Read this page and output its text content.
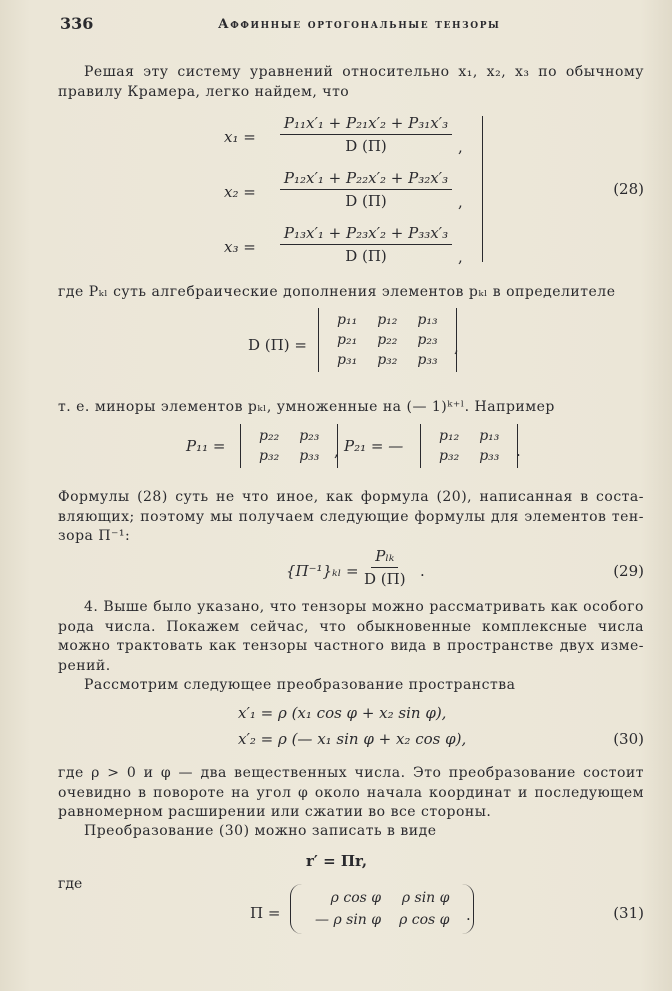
336	Аффинные ортогональные тензоры
Решая эту систему уравнений относительно x₁, x₂, x₃ по обычному
правилу Крамера, легко найдем, что
$x_1 = \frac{\text{P₁₁x′₁ + P₂₁x′₂ + P₃₁x′₃}}{D (\Pi)}$ ,
$x_2 = \frac{\text{P₁₂x′₁ + P₂₂x′₂ + P₃₂x′₃}}{D (\Pi)}$ ,
$x_3 = \frac{\text{P₁₃x′₁ + P₂₃x′₂ + P₃₃x′₃}}{D (\Pi)}$ ,
(28)
где Pₖₗ суть алгебраические дополнения элементов pₖₗ в определителе
D (Π) =
p₁₁	p₁₂	p₁₃
p₂₁	p₂₂	p₂₃
p₃₁	p₃₂	p₃₃
,
т. е. миноры элементов pₖₗ, умноженные на (— 1)ᵏ⁺ˡ. Например
P₁₁ =
p₂₂	p₂₃
p₃₂	p₃₃ , P₂₁ = —
p₁₂	p₁₃
p₃₂	p₃₃ .
Формулы (28) суть не что иное, как формула (20), написанная в соста-
вляющих; поэтому мы получаем следующие формулы для элементов тен-
зора Π⁻¹:
$\{\Pi^{-1}\}_{kl} = \frac{\text{Pₗₖ}}{D (\Pi)}$ .	(29)
4. Выше было указано, что тензоры можно рассматривать как особого
рода числа. Покажем сейчас, что обыкновенные комплексные числа
можно трактовать как тензоры частного вида в пространстве двух изме-
рений.
Рассмотрим следующее преобразование пространства
x′₁ = ρ (x₁ cos φ + x₂ sin φ),
x′₂ = ρ (— x₁ sin φ + x₂ cos φ),	(30)
где ρ > 0 и φ — два вещественных числа. Это преобразование состоит
очевидно в повороте на угол φ около начала координат и последующем
равномерном расширении или сжатии во все стороны.
Преобразование (30) можно записать в виде
r′ = Πr,
где
Π =
ρ cos φ	ρ sin φ
— ρ sin φ	ρ cos φ .	(31)
